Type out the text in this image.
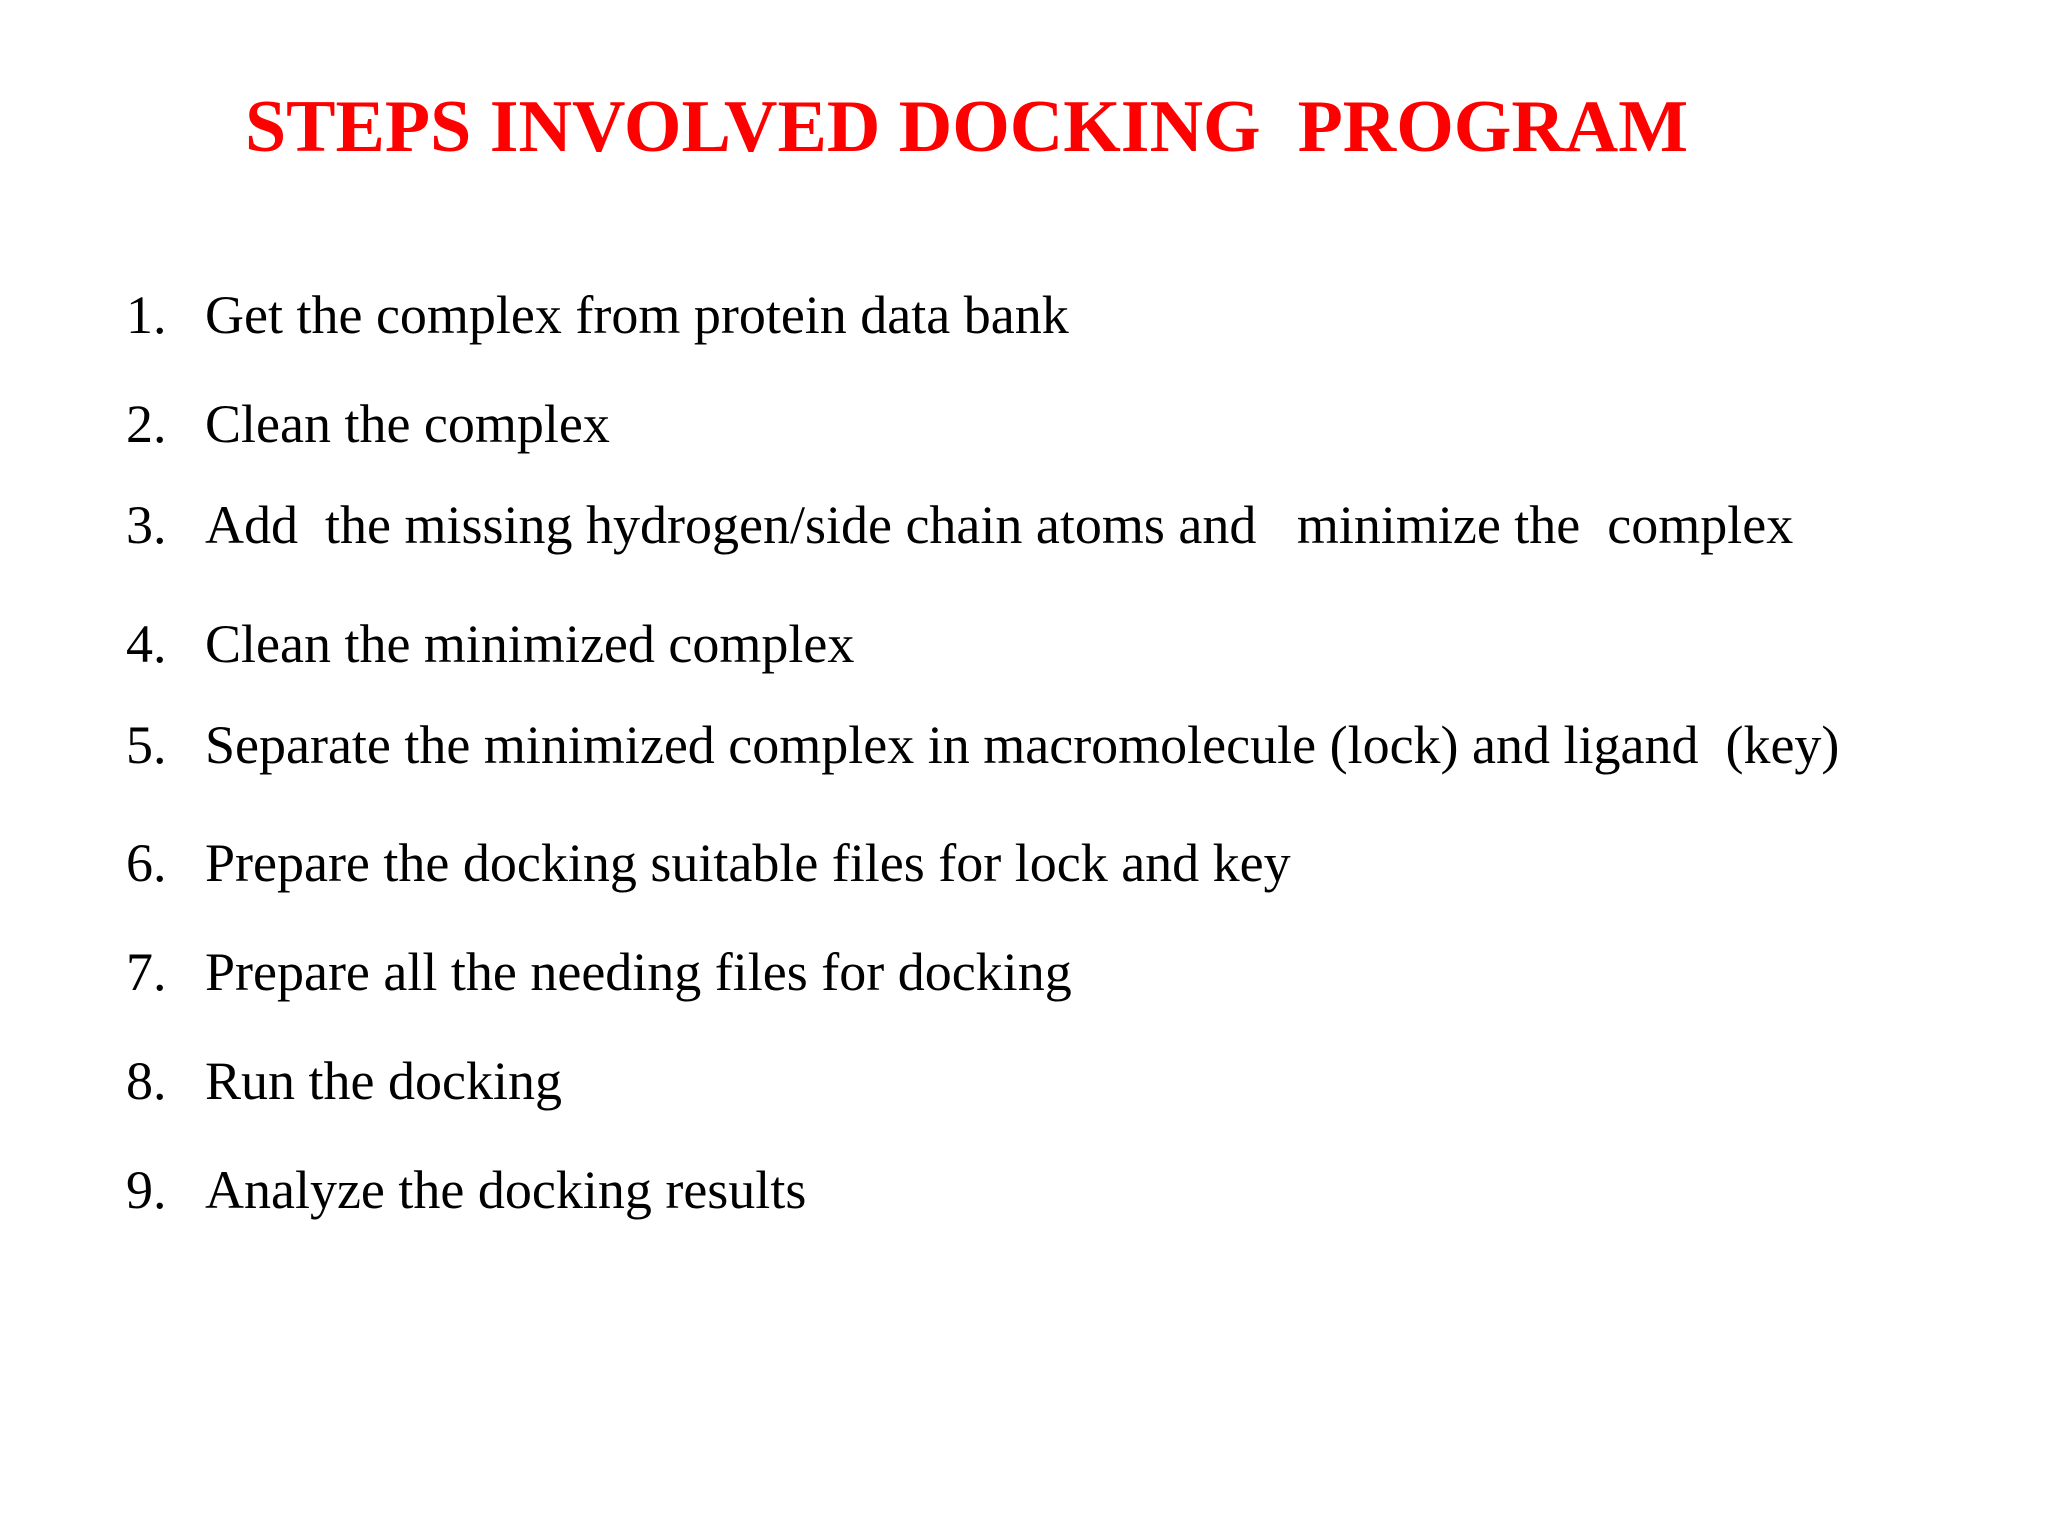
STEPS INVOLVED DOCKING  PROGRAM

1.

Get the complex from protein data bank

2.

Clean the complex

3.

Add  the missing hydrogen/side chain atoms and   minimize the  complex

4.

Clean the minimized complex

5.

Separate the minimized complex in macromolecule (lock) and ligand  (key)

6.

Prepare the docking suitable files for lock and key

7.

Prepare all the needing files for docking

8.

Run the docking

9.

Analyze the docking results
